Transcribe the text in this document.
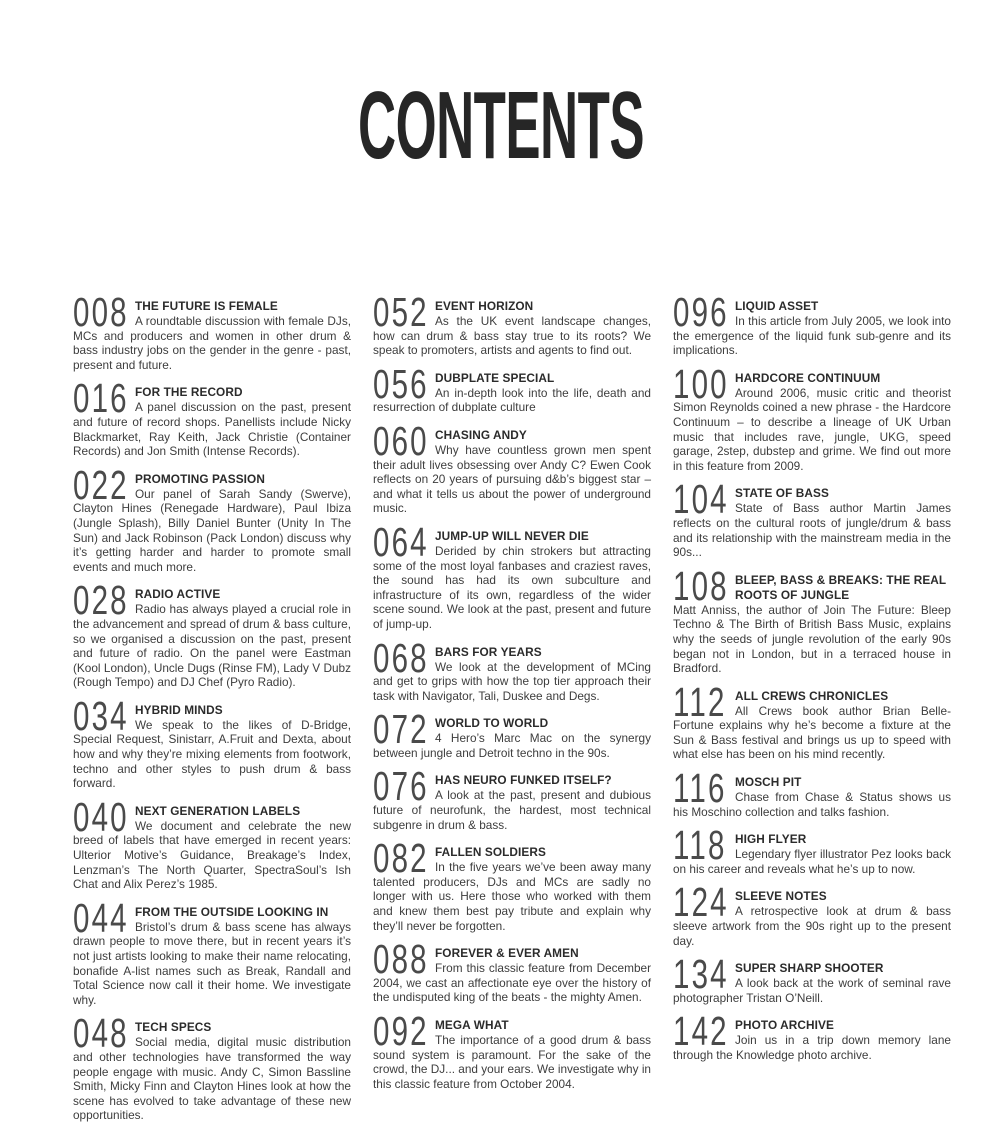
CONTENTS
008 THE FUTURE IS FEMALE

A roundtable discussion with female DJs, MCs and producers and women in other drum & bass industry jobs on the gender in the genre - past, present and future.

016 FOR THE RECORD

A panel discussion on the past, present and future of record shops. Panellists include Nicky Blackmarket, Ray Keith, Jack Christie (Container Records) and Jon Smith (Intense Records).

022 PROMOTING PASSION

Our panel of Sarah Sandy (Swerve), Clayton Hines (Renegade Hardware), Paul Ibiza (Jungle Splash), Billy Daniel Bunter (Unity In The Sun) and Jack Robinson (Pack London) discuss why it’s getting harder and harder to promote small events and much more.

028 RADIO ACTIVE

Radio has always played a crucial role in the advancement and spread of drum & bass culture, so we organised a discussion on the past, present and future of radio. On the panel were Eastman (Kool London), Uncle Dugs (Rinse FM), Lady V Dubz (Rough Tempo) and DJ Chef (Pyro Radio).

034 HYBRID MINDS

We speak to the likes of D-Bridge, Special Request, Sinistarr, A.Fruit and Dexta, about how and why they’re mixing elements from footwork, techno and other styles to push drum & bass forward.

040 NEXT GENERATION LABELS

We document and celebrate the new breed of labels that have emerged in recent years: Ulterior Motive’s Guidance, Breakage’s Index, Lenzman’s The North Quarter, SpectraSoul’s Ish Chat and Alix Perez’s 1985.

044 FROM THE OUTSIDE LOOKING IN

Bristol’s drum & bass scene has always drawn people to move there, but in recent years it’s not just artists looking to make their name relocating, bonafide A-list names such as Break, Randall and Total Science now call it their home. We investigate why.

048 TECH SPECS

Social media, digital music distribution and other technologies have transformed the way people engage with music. Andy C, Simon Bassline Smith, Micky Finn and Clayton Hines look at how the scene has evolved to take advantage of these new opportunities.

052 EVENT HORIZON

As the UK event landscape changes, how can drum & bass stay true to its roots? We speak to promoters, artists and agents to find out.

056 DUBPLATE SPECIAL

An in-depth look into the life, death and resurrection of dubplate culture

060 CHASING ANDY

Why have countless grown men spent their adult lives obsessing over Andy C? Ewen Cook reflects on 20 years of pursuing d&b’s biggest star – and what it tells us about the power of underground music.

064 JUMP-UP WILL NEVER DIE

Derided by chin strokers but attracting some of the most loyal fanbases and craziest raves, the sound has had its own subculture and infrastructure of its own, regardless of the wider scene sound. We look at the past, present and future of jump-up.

068 BARS FOR YEARS

We look at the development of MCing and get to grips with how the top tier approach their task with Navigator, Tali, Duskee and Degs.

072 WORLD TO WORLD

4 Hero’s Marc Mac on the synergy between jungle and Detroit techno in the 90s.

076 HAS NEURO FUNKED ITSELF?

A look at the past, present and dubious future of neurofunk, the hardest, most technical subgenre in drum & bass.

082 FALLEN SOLDIERS

In the five years we’ve been away many talented producers, DJs and MCs are sadly no longer with us. Here those who worked with them and knew them best pay tribute and explain why they’ll never be forgotten.

088 FOREVER & EVER AMEN

From this classic feature from December 2004, we cast an affectionate eye over the history of the undisputed king of the beats - the mighty Amen.

092 MEGA WHAT

The importance of a good drum & bass sound system is paramount. For the sake of the crowd, the DJ... and your ears. We investigate why in this classic feature from October 2004.

096 LIQUID ASSET

In this article from July 2005, we look into the emergence of the liquid funk sub-genre and its implications.

100 HARDCORE CONTINUUM

Around 2006, music critic and theorist Simon Reynolds coined a new phrase - the Hardcore Continuum – to describe a lineage of UK Urban music that includes rave, jungle, UKG, speed garage, 2step, dubstep and grime. We find out more in this feature from 2009.

104 STATE OF BASS

State of Bass author Martin James reflects on the cultural roots of jungle/drum & bass and its relationship with the mainstream media in the 90s...

108 BLEEP, BASS & BREAKS: THE REAL ROOTS OF JUNGLE

Matt Anniss, the author of Join The Future: Bleep Techno & The Birth of British Bass Music, explains why the seeds of jungle revolution of the early 90s began not in London, but in a terraced house in Bradford.

112 ALL CREWS CHRONICLES

All Crews book author Brian Belle-Fortune explains why he’s become a fixture at the Sun & Bass festival and brings us up to speed with what else has been on his mind recently.

116 MOSCH PIT

Chase from Chase & Status shows us his Moschino collection and talks fashion.

118 HIGH FLYER

Legendary flyer illustrator Pez looks back on his career and reveals what he’s up to now.

124 SLEEVE NOTES

A retrospective look at drum & bass sleeve artwork from the 90s right up to the present day.

134 SUPER SHARP SHOOTER

A look back at the work of seminal rave photographer Tristan O’Neill.

142 PHOTO ARCHIVE

Join us in a trip down memory lane through the Knowledge photo archive.
